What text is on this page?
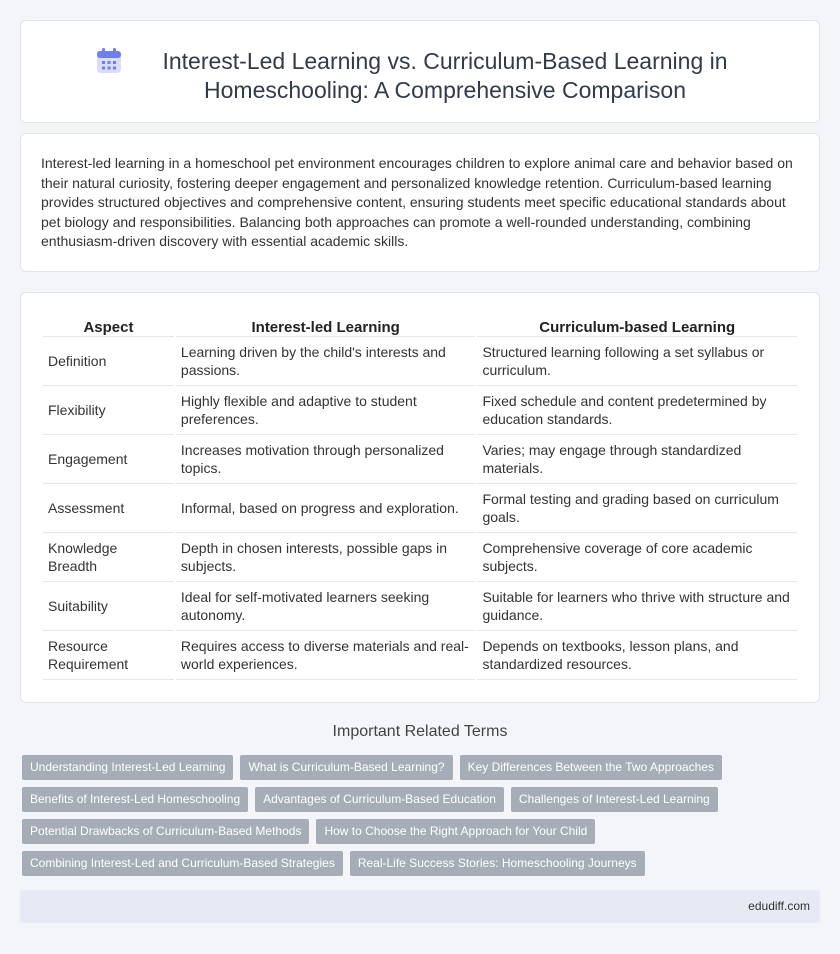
Interest-Led Learning vs. Curriculum-Based Learning in Homeschooling: A Comprehensive Comparison

Interest-led learning in a homeschool pet environment encourages children to explore animal care and behavior based on their natural curiosity, fostering deeper engagement and personalized knowledge retention. Curriculum-based learning provides structured objectives and comprehensive content, ensuring students meet specific educational standards about pet biology and responsibilities. Balancing both approaches can promote a well-rounded understanding, combining enthusiasm-driven discovery with essential academic skills.

Aspect	Interest-led Learning	Curriculum-based Learning
Definition	Learning driven by the child's interests and passions.	Structured learning following a set syllabus or curriculum.
Flexibility	Highly flexible and adaptive to student preferences.	Fixed schedule and content predetermined by education standards.
Engagement	Increases motivation through personalized topics.	Varies; may engage through standardized materials.
Assessment	Informal, based on progress and exploration.	Formal testing and grading based on curriculum goals.
Knowledge Breadth	Depth in chosen interests, possible gaps in subjects.	Comprehensive coverage of core academic subjects.
Suitability	Ideal for self-motivated learners seeking autonomy.	Suitable for learners who thrive with structure and guidance.
Resource Requirement	Requires access to diverse materials and real-world experiences.	Depends on textbooks, lesson plans, and standardized resources.
Important Related Terms
Understanding Interest-Led Learning	What is Curriculum-Based Learning?	Key Differences Between the Two Approaches
Benefits of Interest-Led Homeschooling	Advantages of Curriculum-Based Education	Challenges of Interest-Led Learning
Potential Drawbacks of Curriculum-Based Methods	How to Choose the Right Approach for Your Child
Combining Interest-Led and Curriculum-Based Strategies	Real-Life Success Stories: Homeschooling Journeys
edudiff.com
